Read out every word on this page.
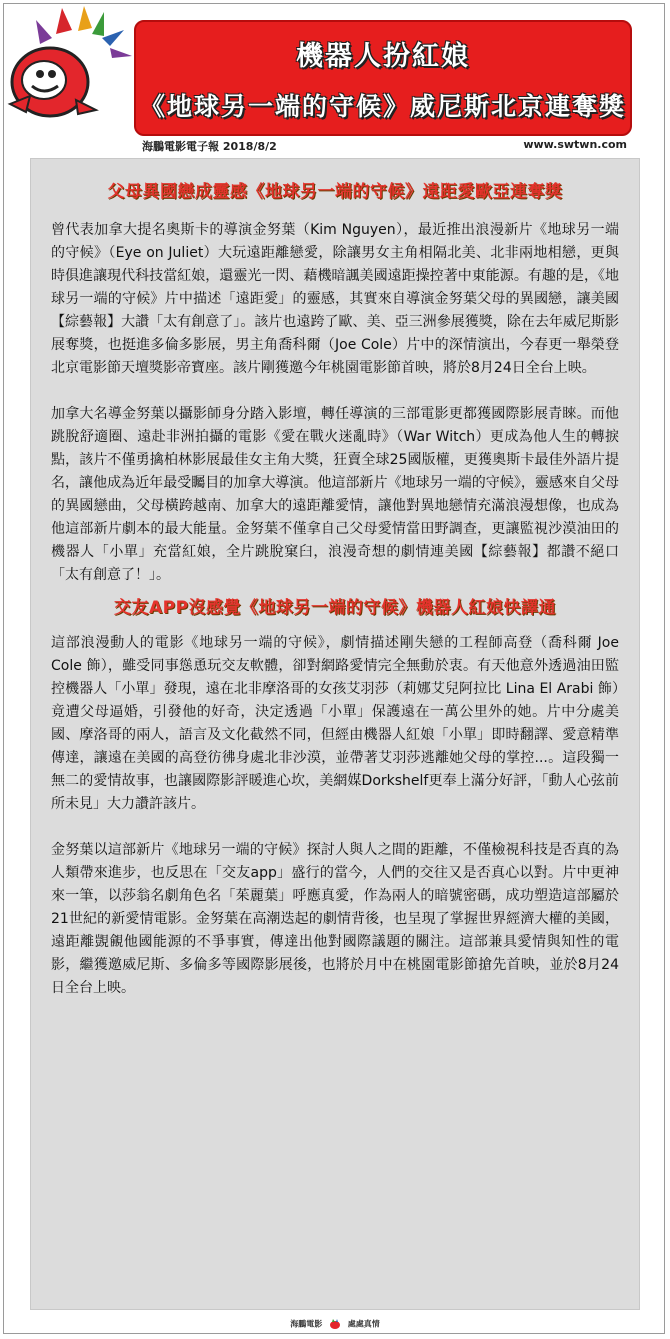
機器人扮紅娘
《地球另一端的守候》威尼斯北京連奪獎
海鵬電影電子報 2018/8/2	www.swtwn.com
父母異國戀成靈感《地球另一端的守候》遠距愛歐亞連奪獎

曾代表加拿大提名奧斯卡的導演金努葉（Kim Nguyen），最近推出浪漫新片《地球另一端的守候》（Eye on Juliet）大玩遠距離戀愛，除讓男女主角相隔北美、北非兩地相戀，更與時俱進讓現代科技當紅娘，還靈光一閃、藉機暗諷美國遠距操控著中東能源。有趣的是，《地球另一端的守候》片中描述「遠距愛」的靈感，其實來自導演金努葉父母的異國戀，讓美國【綜藝報】大讚「太有創意了」。該片也遠跨了歐、美、亞三洲參展獲獎，除在去年威尼斯影展奪獎，也挺進多倫多影展，男主角喬科爾（Joe Cole）片中的深情演出，今春更一舉榮登北京電影節天壇獎影帝寶座。該片剛獲邀今年桃園電影節首映，將於8月24日全台上映。

加拿大名導金努葉以攝影師身分踏入影壇，轉任導演的三部電影更都獲國際影展青睞。而他跳脫舒適圈、遠赴非洲拍攝的電影《愛在戰火迷亂時》（War Witch）更成為他人生的轉捩點，該片不僅勇擒柏林影展最佳女主角大獎，狂賣全球25國版權，更獲奧斯卡最佳外語片提名，讓他成為近年最受矚目的加拿大導演。他這部新片《地球另一端的守候》，靈感來自父母的異國戀曲，父母橫跨越南、加拿大的遠距離愛情，讓他對異地戀情充滿浪漫想像，也成為他這部新片劇本的最大能量。金努葉不僅拿自己父母愛情當田野調查，更讓監視沙漠油田的機器人「小單」充當紅娘，全片跳脫窠臼，浪漫奇想的劇情連美國【綜藝報】都讚不絕口「太有創意了！」。

交友APP沒感覺《地球另一端的守候》機器人紅娘快譯通

這部浪漫動人的電影《地球另一端的守候》，劇情描述剛失戀的工程師高登（喬科爾 Joe Cole 飾），雖受同事慫恿玩交友軟體，卻對網路愛情完全無動於衷。有天他意外透過油田監控機器人「小單」發現，遠在北非摩洛哥的女孩艾羽莎（莉娜艾兒阿拉比 Lina El Arabi 飾）竟遭父母逼婚，引發他的好奇，決定透過「小單」保護遠在一萬公里外的她。片中分處美國、摩洛哥的兩人，語言及文化截然不同，但經由機器人紅娘「小單」即時翻譯、愛意精準傳達，讓遠在美國的高登彷彿身處北非沙漠，並帶著艾羽莎逃離她父母的掌控...。這段獨一無二的愛情故事，也讓國際影評暖進心坎，美網媒Dorkshelf更奉上滿分好評，「動人心弦前所未見」大力讚許該片。

金努葉以這部新片《地球另一端的守候》探討人與人之間的距離，不僅檢視科技是否真的為人類帶來進步，也反思在「交友app」盛行的當今，人們的交往又是否真心以對。片中更神來一筆，以莎翁名劇角色名「茱麗葉」呼應真愛，作為兩人的暗號密碼，成功塑造這部屬於21世紀的新愛情電影。金努葉在高潮迭起的劇情背後，也呈現了掌握世界經濟大權的美國，遠距離覬覦他國能源的不爭事實，傳達出他對國際議題的關注。這部兼具愛情與知性的電影，繼獲邀威尼斯、多倫多等國際影展後，也將於月中在桃園電影節搶先首映，並於8月24日全台上映。

海鵬電影	處處真情
